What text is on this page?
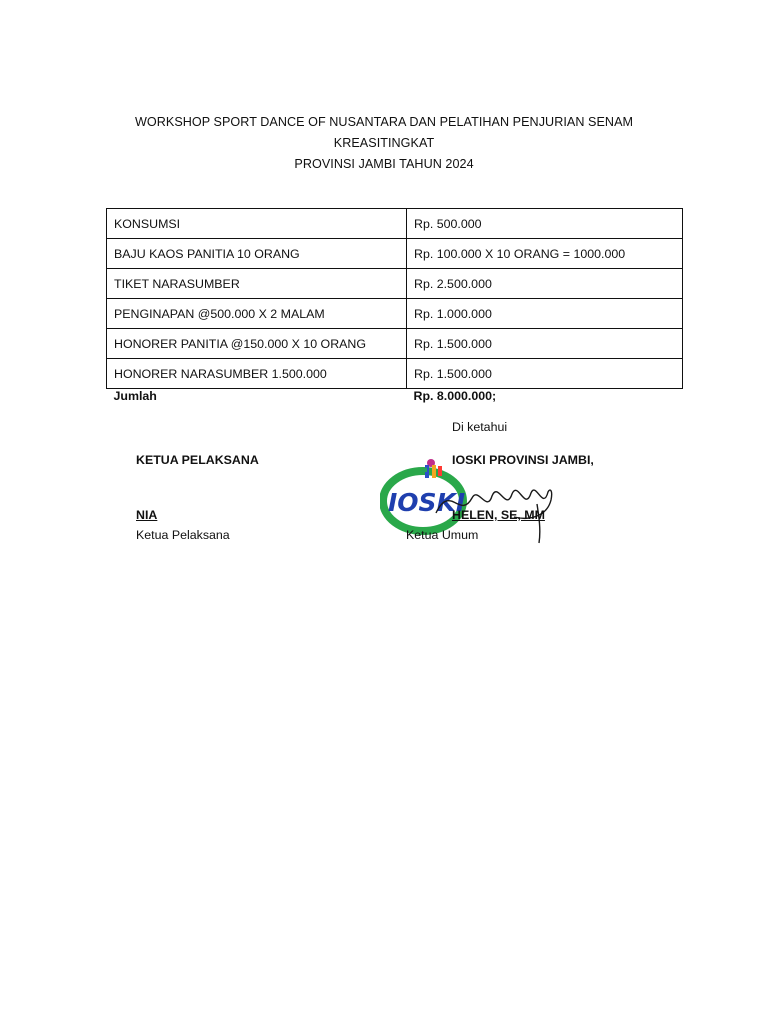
WORKSHOP SPORT DANCE OF NUSANTARA DAN PELATIHAN PENJURIAN SENAM KREASITINGKAT
PROVINSI JAMBI TAHUN 2024
KONSUMSI	Rp. 500.000
BAJU KAOS PANITIA 10 ORANG	Rp. 100.000 X 10 ORANG = 1000.000
TIKET NARASUMBER	Rp. 2.500.000
PENGINAPAN @500.000 X 2 MALAM	Rp. 1.000.000
HONORER PANITIA @150.000 X 10 ORANG	Rp. 1.500.000
HONORER NARASUMBER 1.500.000	Rp. 1.500.000
Jumlah	Rp. 8.000.000;
Di ketahui
KETUA PELAKSANA	IOSKI PROVINSI JAMBI,
IOSKI
NIA	HELEN, SE, MM
Ketua Pelaksana	Ketua Umum
